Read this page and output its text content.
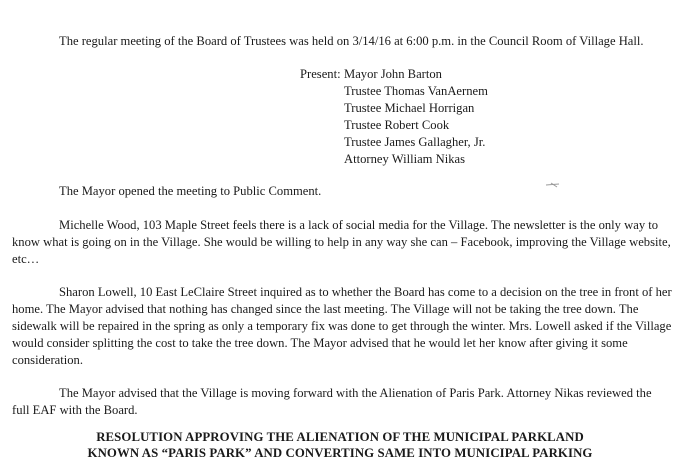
The regular meeting of the Board of Trustees was held on 3/14/16 at 6:00 p.m. in the Council Room of Village Hall.

Present: Mayor John Barton
Trustee Thomas VanAernem
Trustee Michael Horrigan
Trustee Robert Cook
Trustee James Gallagher, Jr.
Attorney William Nikas

The Mayor opened the meeting to Public Comment.

Michelle Wood, 103 Maple Street feels there is a lack of social media for the Village. The newsletter is the only way to know what is going on in the Village. She would be willing to help in any way she can – Facebook, improving the Village website, etc…

Sharon Lowell, 10 East LeClaire Street inquired as to whether the Board has come to a decision on the tree in front of her home. The Mayor advised that nothing has changed since the last meeting. The Village will not be taking the tree down. The sidewalk will be repaired in the spring as only a temporary fix was done to get through the winter. Mrs. Lowell asked if the Village would consider splitting the cost to take the tree down. The Mayor advised that he would let her know after giving it some consideration.

The Mayor advised that the Village is moving forward with the Alienation of Paris Park. Attorney Nikas reviewed the full EAF with the Board.

RESOLUTION APPROVING THE ALIENATION OF THE MUNICIPAL PARKLAND
KNOWN AS “PARIS PARK” AND CONVERTING SAME INTO MUNICIPAL PARKING
